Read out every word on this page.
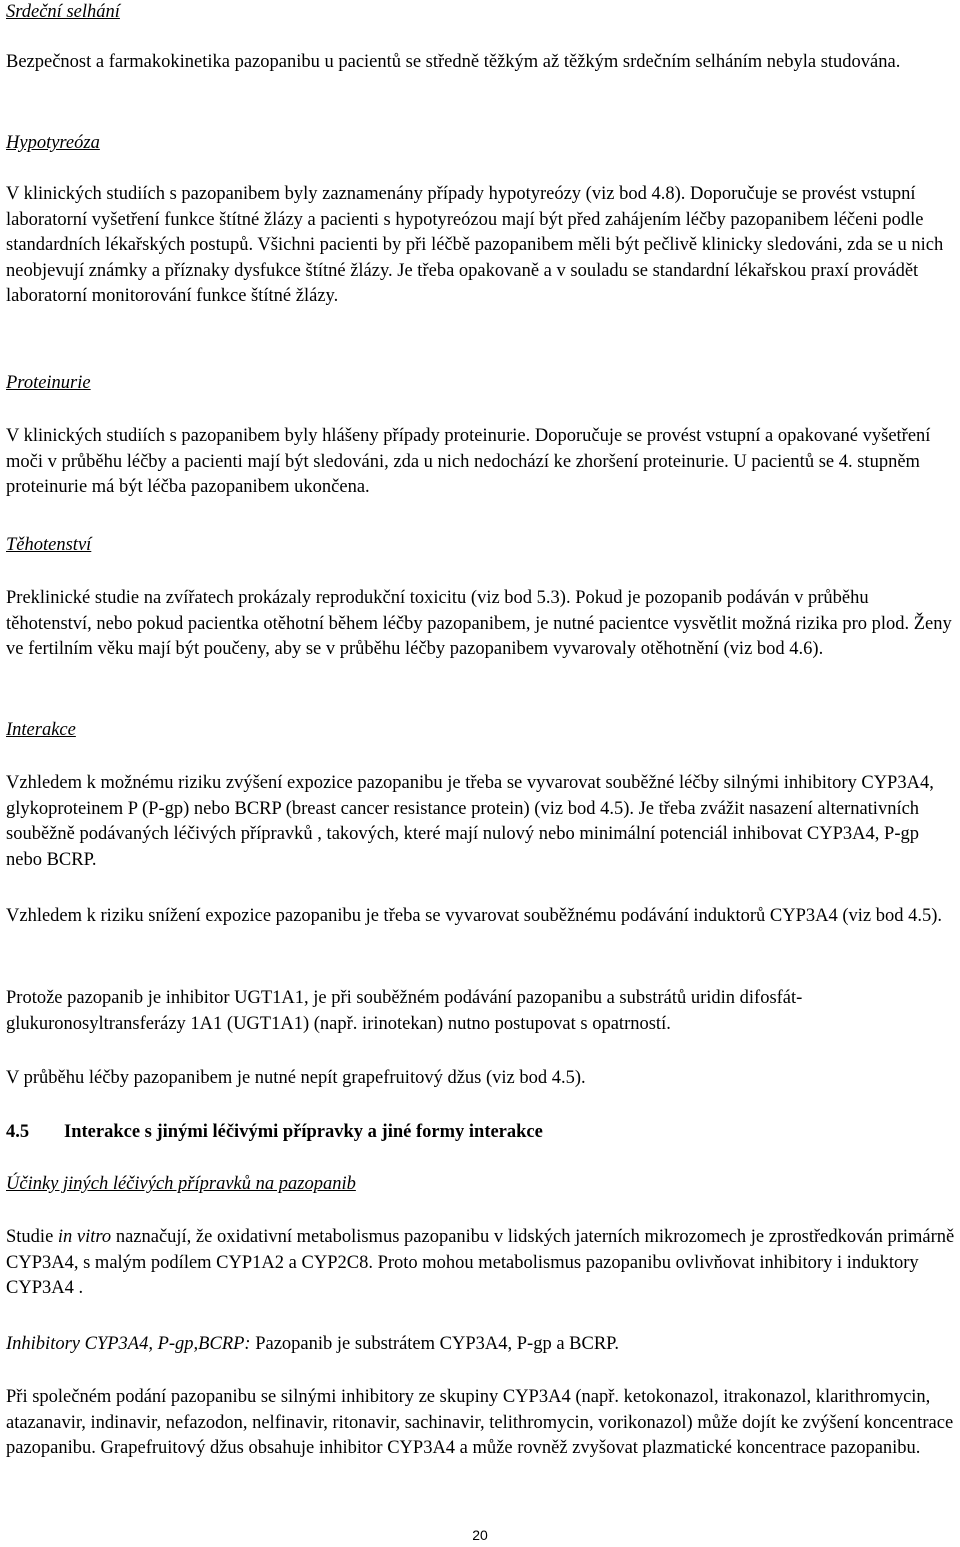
Srdeční selhání

Bezpečnost a farmakokinetika pazopanibu u pacientů se středně těžkým až těžkým srdečním selháním nebyla studována.

Hypotyreóza

V klinických studiích s pazopanibem byly zaznamenány případy hypotyreózy (viz bod 4.8). Doporučuje se provést vstupní laboratorní vyšetření funkce štítné žlázy a pacienti s hypotyreózou mají být před zahájením léčby pazopanibem léčeni podle standardních lékařských postupů. Všichni pacienti by při léčbě pazopanibem měli být pečlivě klinicky sledováni, zda se u nich neobjevují známky a příznaky dysfukce štítné žlázy. Je třeba opakovaně a v souladu se standardní lékařskou praxí provádět laboratorní monitorování funkce štítné žlázy.

Proteinurie

V klinických studiích s pazopanibem byly hlášeny případy proteinurie. Doporučuje se provést vstupní a opakované vyšetření moči v průběhu léčby a pacienti mají být sledováni, zda u nich nedochází ke zhoršení proteinurie. U pacientů se 4. stupněm proteinurie má být léčba pazopanibem ukončena.

Těhotenství

Preklinické studie na zvířatech prokázaly reprodukční toxicitu (viz bod 5.3). Pokud je pozopanib podáván v průběhu těhotenství, nebo pokud pacientka otěhotní během léčby pazopanibem, je nutné pacientce vysvětlit možná rizika pro plod. Ženy ve fertilním věku mají být poučeny, aby se v průběhu léčby pazopanibem vyvarovaly otěhotnění (viz bod 4.6).

Interakce

Vzhledem k možnému riziku zvýšení expozice pazopanibu je třeba se vyvarovat souběžné léčby silnými inhibitory CYP3A4, glykoproteinem P (P-gp) nebo BCRP (breast cancer resistance protein) (viz bod 4.5). Je třeba zvážit nasazení alternativních souběžně podávaných léčivých přípravků , takových, které mají nulový nebo minimální potenciál inhibovat CYP3A4, P-gp nebo BCRP.

Vzhledem k riziku snížení expozice pazopanibu je třeba se vyvarovat souběžnému podávání induktorů CYP3A4 (viz bod 4.5).

Protože pazopanib je inhibitor UGT1A1, je při souběžném podávání pazopanibu a substrátů uridin difosfát-glukuronosyltransferázy 1A1 (UGT1A1) (např. irinotekan) nutno postupovat s opatrností.

V průběhu léčby pazopanibem je nutné nepít grapefruitový džus (viz bod 4.5).

4.5 Interakce s jinými léčivými přípravky a jiné formy interakce

Účinky jiných léčivých přípravků na pazopanib

Studie in vitro naznačují, že oxidativní metabolismus pazopanibu v lidských jaterních mikrozomech je zprostředkován primárně CYP3A4, s malým podílem CYP1A2 a CYP2C8. Proto mohou metabolismus pazopanibu ovlivňovat inhibitory i induktory CYP3A4 .

Inhibitory CYP3A4, P-gp,BCRP: Pazopanib je substrátem CYP3A4, P-gp a BCRP.

Při společném podání pazopanibu se silnými inhibitory ze skupiny CYP3A4 (např. ketokonazol, itrakonazol, klarithromycin, atazanavir, indinavir, nefazodon, nelfinavir, ritonavir, sachinavir, telithromycin, vorikonazol) může dojít ke zvýšení koncentrace pazopanibu. Grapefruitový džus obsahuje inhibitor CYP3A4 a může rovněž zvyšovat plazmatické koncentrace pazopanibu.

20
